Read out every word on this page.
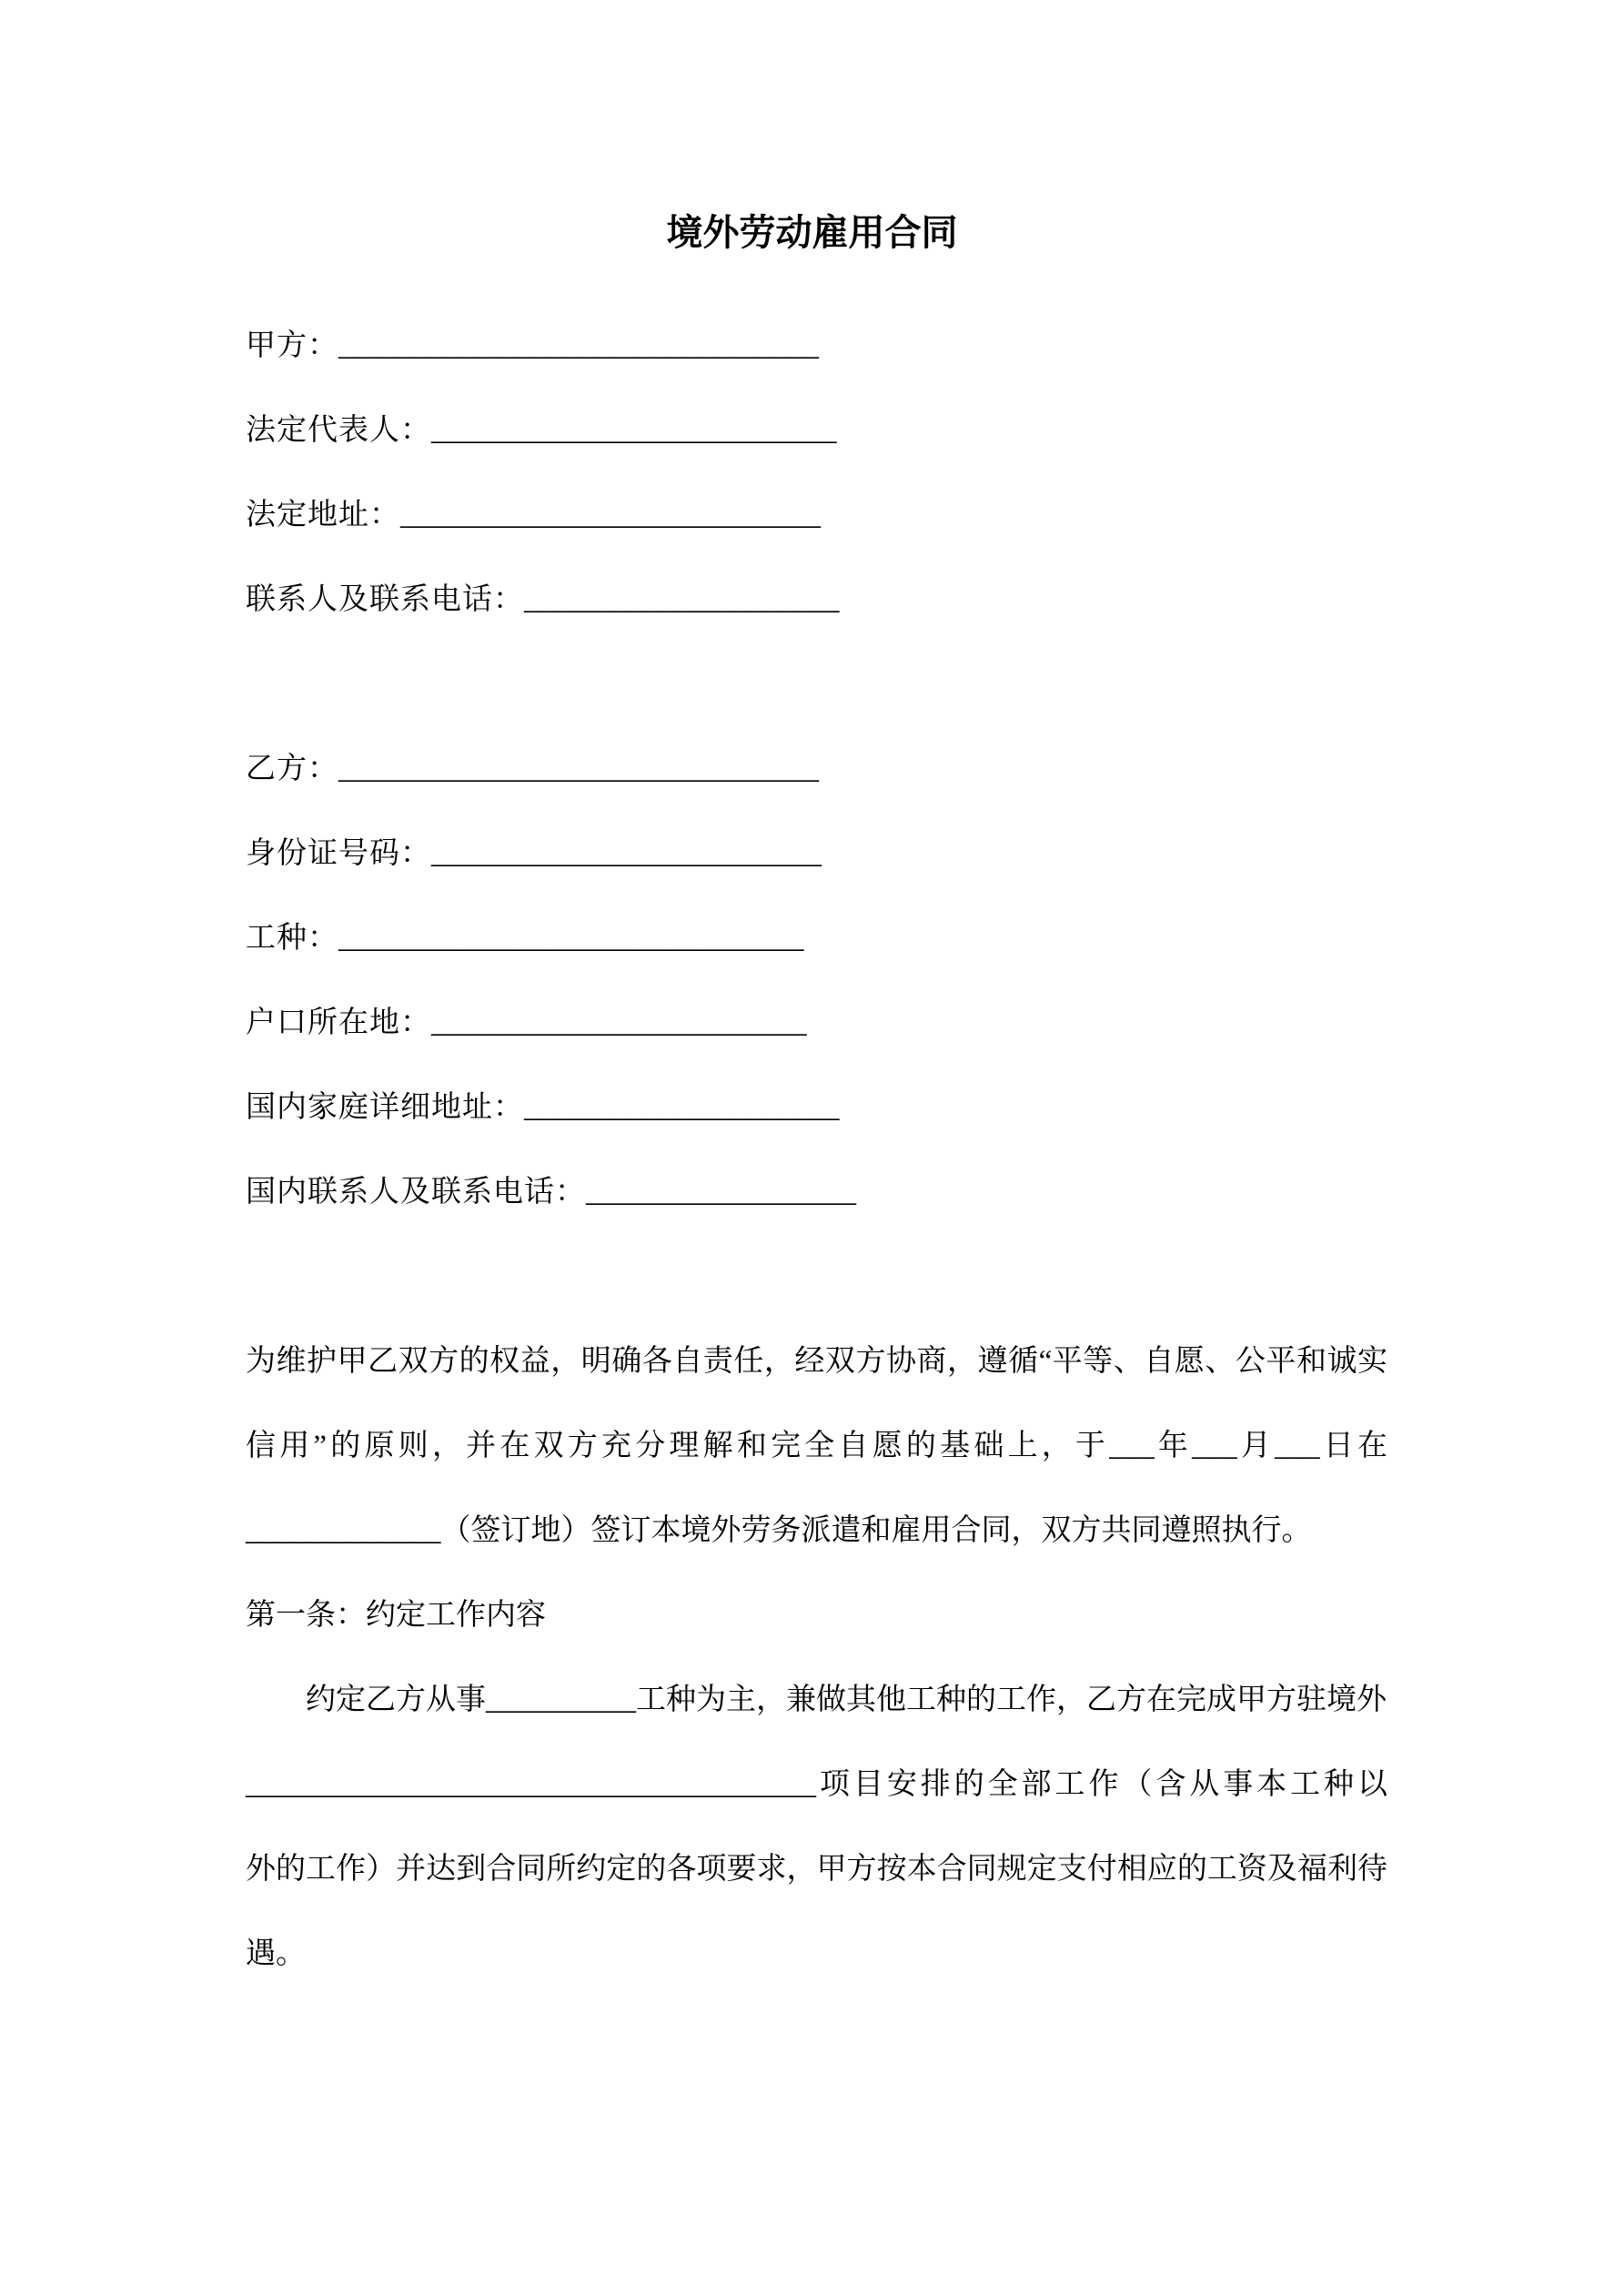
境外劳动雇用合同
甲方：________________________________
法定代表人：___________________________
法定地址：____________________________
联系人及联系电话：_____________________
乙方：________________________________
身份证号码：__________________________
工种：_______________________________
户口所在地：_________________________
国内家庭详细地址：_____________________
国内联系人及联系电话：__________________
为维护甲乙双方的权益，明确各自责任，经双方协商，遵循“平等、自愿、公平和诚实
信用”的原则，并在双方充分理解和完全自愿的基础上，于___年___月___日在
_____________（签订地）签订本境外劳务派遣和雇用合同，双方共同遵照执行。
第一条：约定工作内容
约定乙方从事__________工种为主，兼做其他工种的工作，乙方在完成甲方驻境外
______________________________________项目安排的全部工作（含从事本工种以
外的工作）并达到合同所约定的各项要求，甲方按本合同规定支付相应的工资及福利待
遇。
